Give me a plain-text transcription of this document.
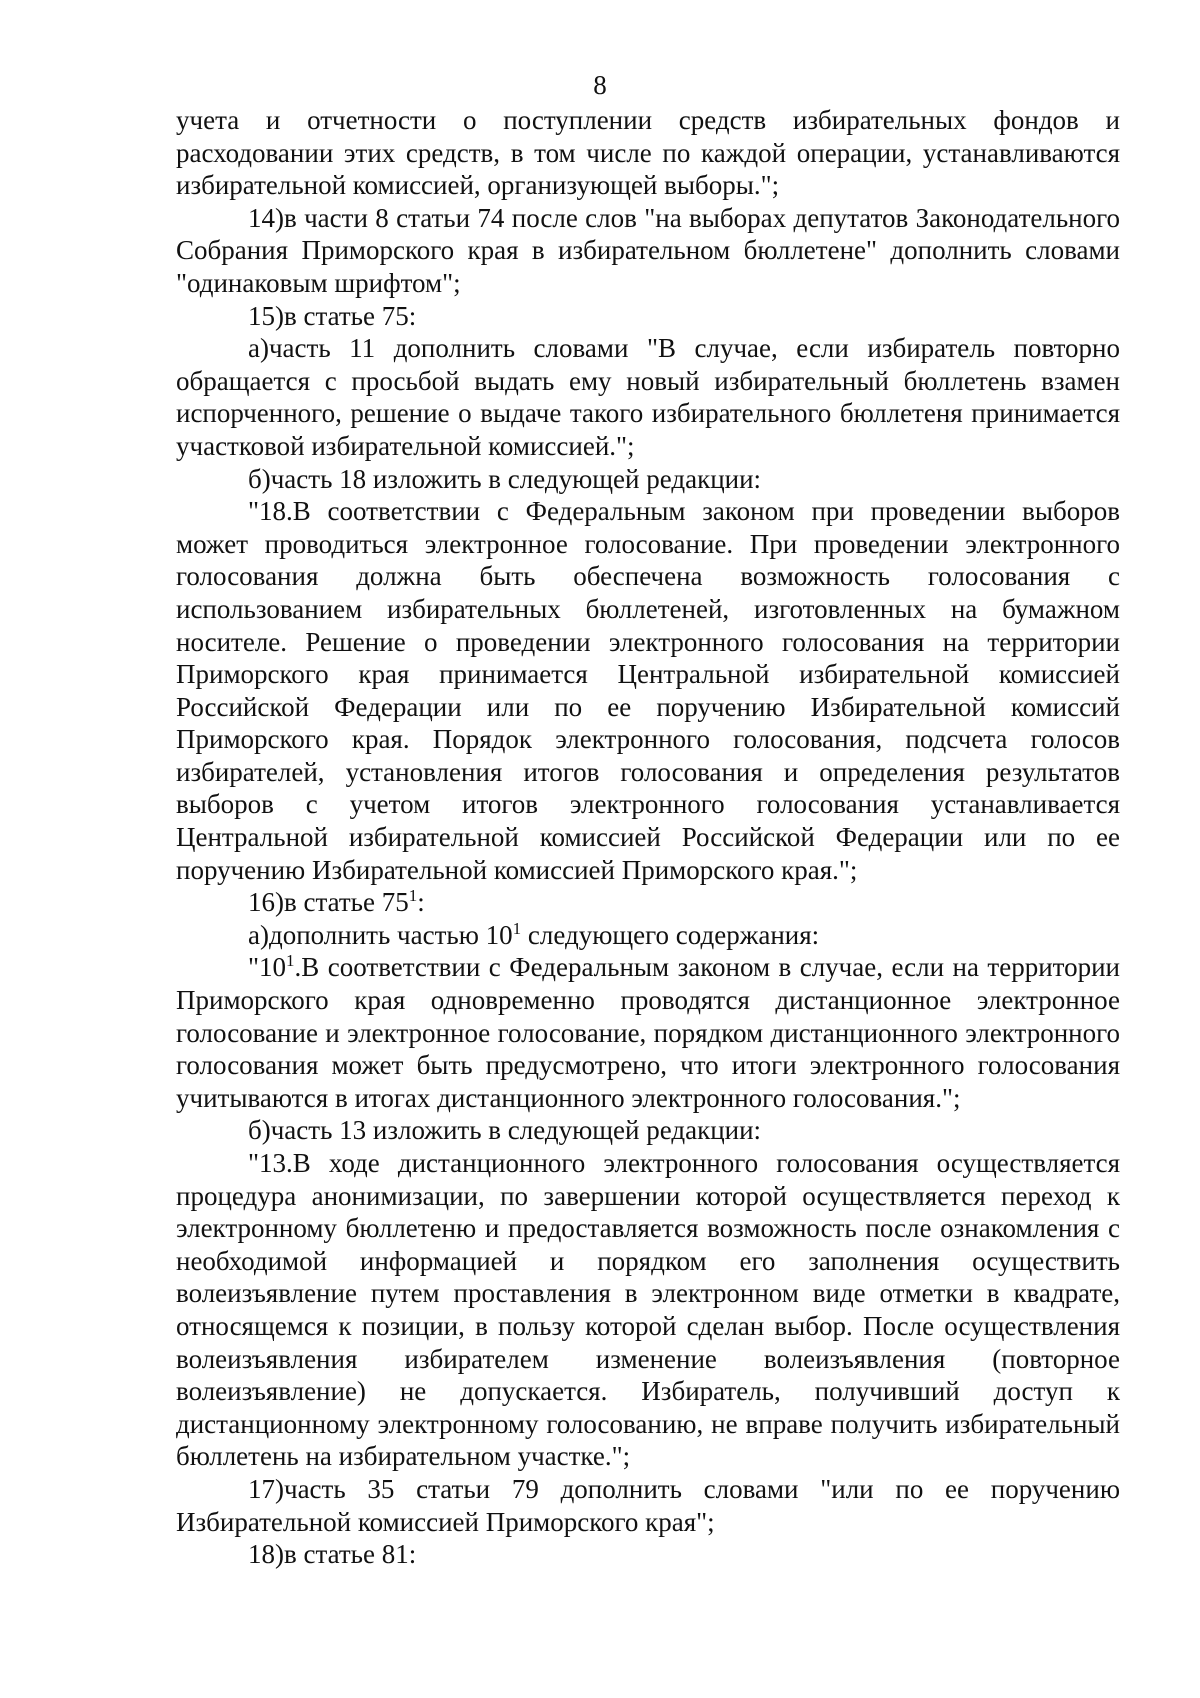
8

учета и отчетности о поступлении средств избирательных фондов и расходовании этих средств, в том числе по каждой операции, устанавливаются избирательной комиссией, организующей выборы.";

14)в части 8 статьи 74 после слов "на выборах депутатов Законодательного Собрания Приморского края в избирательном бюллетене" дополнить словами "одинаковым шрифтом";

15)в статье 75:

а)часть 11 дополнить словами "В случае, если избиратель повторно обращается с просьбой выдать ему новый избирательный бюллетень взамен испорченного, решение о выдаче такого избирательного бюллетеня принимается участковой избирательной комиссией.";

б)часть 18 изложить в следующей редакции:

"18.В соответствии с Федеральным законом при проведении выборов может проводиться электронное голосование. При проведении электронного голосования должна быть обеспечена возможность голосования с использованием избирательных бюллетеней, изготовленных на бумажном носителе. Решение о проведении электронного голосования на территории Приморского края принимается Центральной избирательной комиссией Российской Федерации или по ее поручению Избирательной комиссий Приморского края. Порядок электронного голосования, подсчета голосов избирателей, установления итогов голосования и определения результатов выборов с учетом итогов электронного голосования устанавливается Центральной избирательной комиссией Российской Федерации или по ее поручению Избирательной комиссией Приморского края.";

16)в статье $75^1$:

а)дополнить частью $10^1$ следующего содержания:

"$10^1.В$ соответствии с Федеральным законом в случае, если на территории Приморского края одновременно проводятся дистанционное электронное голосование и электронное голосование, порядком дистанционного электронного голосования может быть предусмотрено, что итоги электронного голосования учитываются в итогах дистанционного электронного голосования.";

б)часть 13 изложить в следующей редакции:

"13.В ходе дистанционного электронного голосования осуществляется процедура анонимизации, по завершении которой осуществляется переход к электронному бюллетеню и предоставляется возможность после ознакомления с необходимой информацией и порядком его заполнения осуществить волеизъявление путем проставления в электронном виде отметки в квадрате, относящемся к позиции, в пользу которой сделан выбор. После осуществления волеизъявления избирателем изменение волеизъявления (повторное волеизъявление) не допускается. Избиратель, получивший доступ к дистанционному электронному голосованию, не вправе получить избирательный бюллетень на избирательном участке.";

17)часть 35 статьи 79 дополнить словами "или по ее поручению Избирательной комиссией Приморского края";

18)в статье 81:
